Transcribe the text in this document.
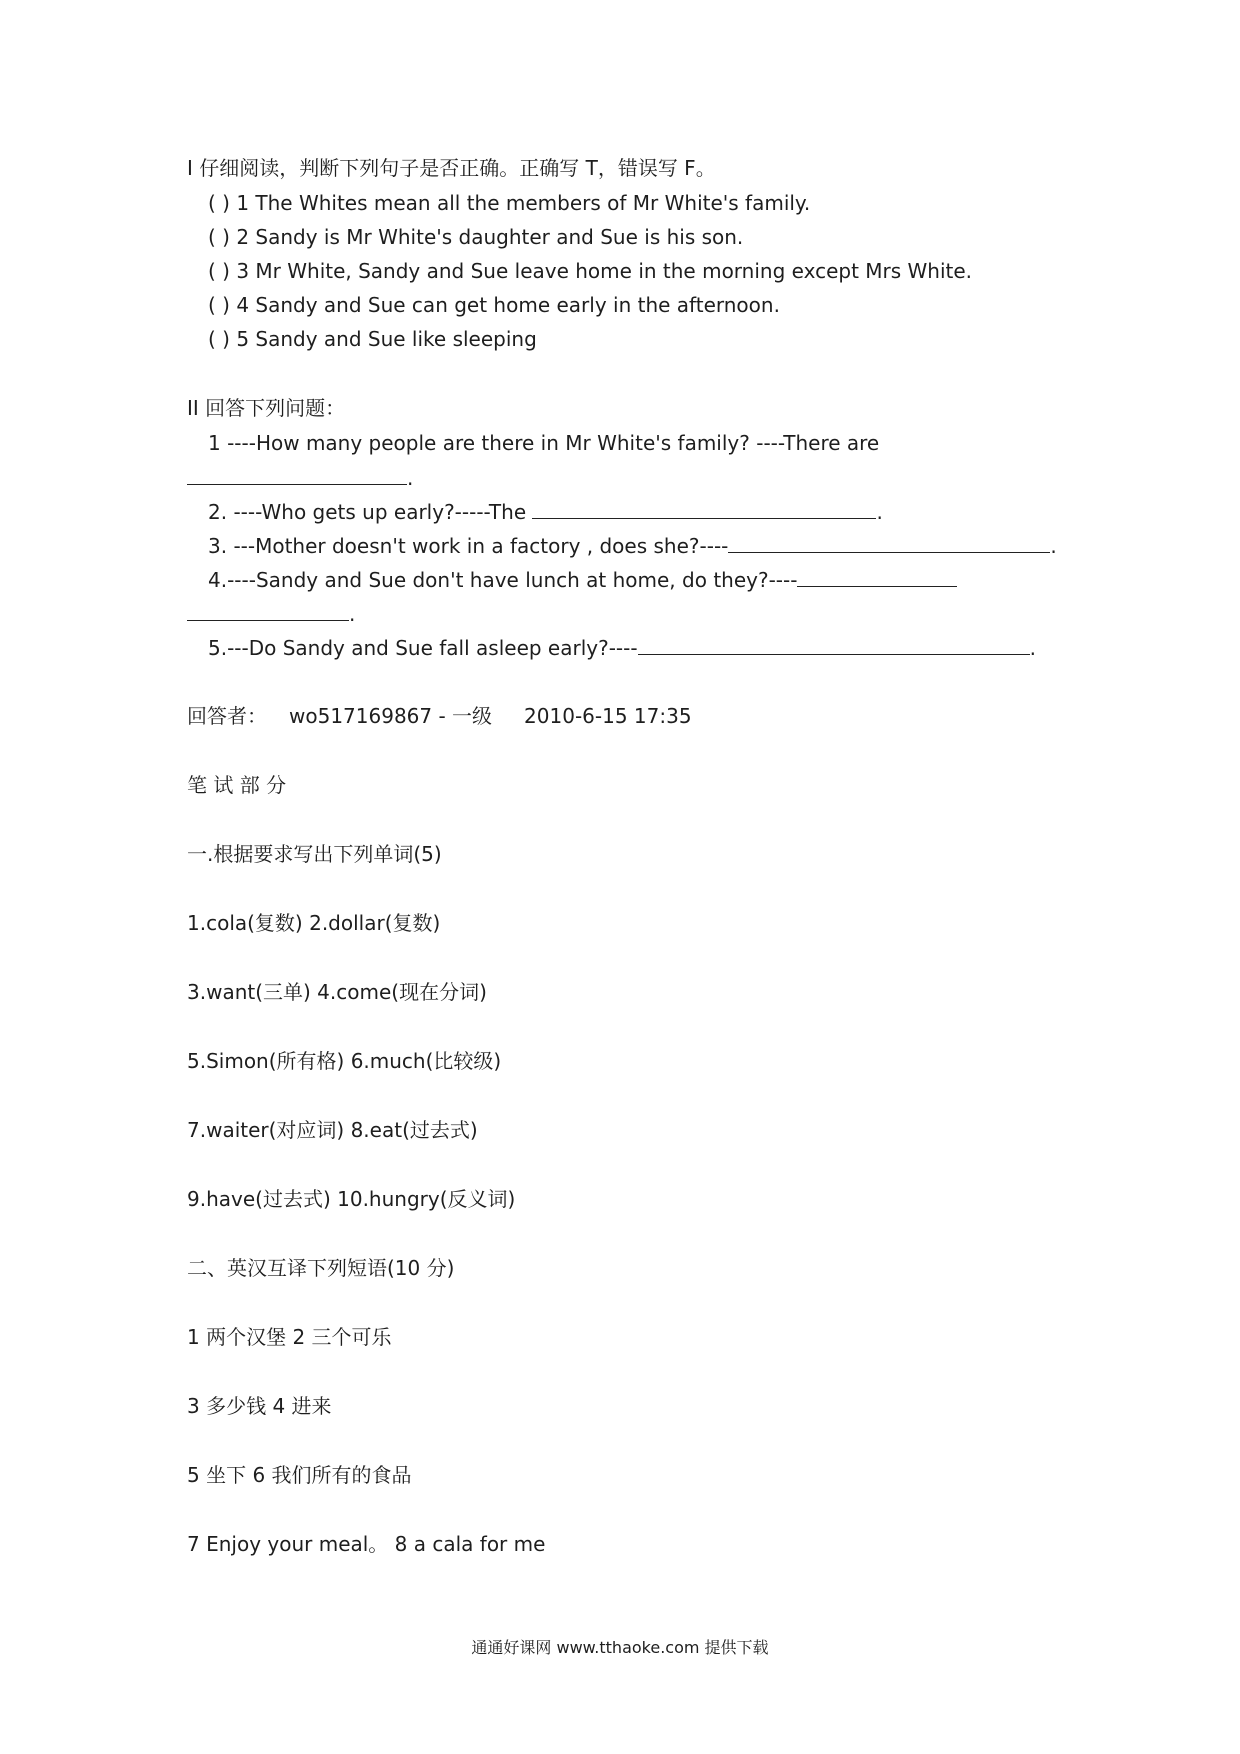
I 仔细阅读，判断下列句子是否正确。正确写 T，错误写 F。
( ) 1 The Whites mean all the members of Mr White's family.
( ) 2 Sandy is Mr White's daughter and Sue is his son.
( ) 3 Mr White, Sandy and Sue leave home in the morning except Mrs White.
( ) 4 Sandy and Sue can get home early in the afternoon.
( ) 5 Sandy and Sue like sleeping
II 回答下列问题：
1 ----How many people are there in Mr White's family? ----There are
.
2. ----Who gets up early?-----The	.
3. ---Mother doesn't work in a factory , does she?----	.
4.----Sandy and Sue don't have lunch at home, do they?----
.
5.---Do Sandy and Sue fall asleep early?----	.
回答者： wo517169867 - 一级 2010-6-15 17:35
笔 试 部 分
一.根据要求写出下列单词(5)
1.cola(复数) 2.dollar(复数)
3.want(三单) 4.come(现在分词)
5.Simon(所有格) 6.much(比较级)
7.waiter(对应词) 8.eat(过去式)
9.have(过去式) 10.hungry(反义词)
二、英汉互译下列短语(10 分)
1 两个汉堡 2 三个可乐
3 多少钱 4 进来
5 坐下 6 我们所有的食品
7 Enjoy your meal。 8 a cala for me
通通好课网 www.tthaoke.com 提供下载
